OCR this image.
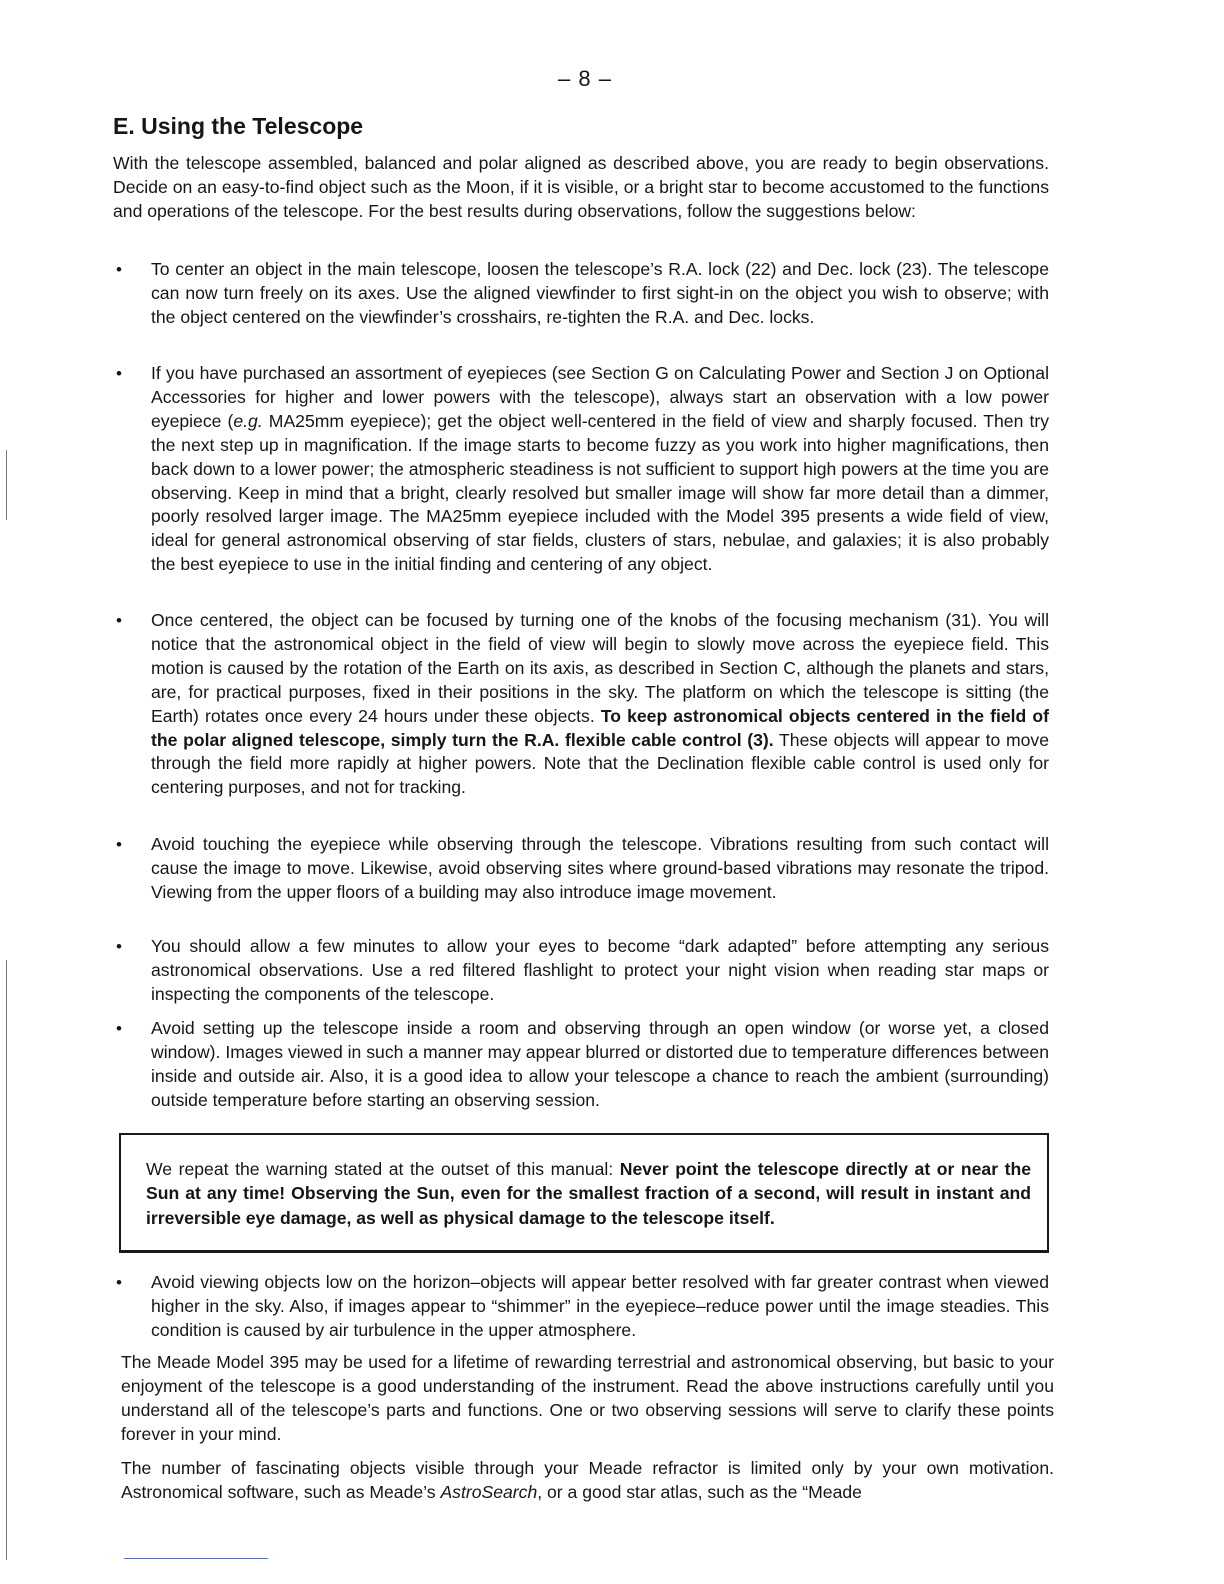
– 8 –
E. Using the Telescope

With the telescope assembled, balanced and polar aligned as described above, you are ready to begin observations. Decide on an easy-to-find object such as the Moon, if it is visible, or a bright star to become accustomed to the functions and operations of the telescope. For the best results during observations, follow the suggestions below:

•	To center an object in the main telescope, loosen the telescope’s R.A. lock (22) and Dec. lock (23). The telescope can now turn freely on its axes. Use the aligned viewfinder to first sight-in on the object you wish to observe; with the object centered on the viewfinder’s crosshairs, re-tighten the R.A. and Dec. locks.

•	If you have purchased an assortment of eyepieces (see Section G on Calculating Power and Section J on Optional Accessories for higher and lower powers with the telescope), always start an observation with a low power eyepiece (e.g. MA25mm eyepiece); get the object well-centered in the field of view and sharply focused. Then try the next step up in magnification. If the image starts to become fuzzy as you work into higher magnifications, then back down to a lower power; the atmospheric steadiness is not sufficient to support high powers at the time you are observing. Keep in mind that a bright, clearly resolved but smaller image will show far more detail than a dimmer, poorly resolved larger image. The MA25mm eyepiece included with the Model 395 presents a wide field of view, ideal for general astronomical observing of star fields, clusters of stars, nebulae, and galaxies; it is also probably the best eyepiece to use in the initial finding and centering of any object.

•	Once centered, the object can be focused by turning one of the knobs of the focusing mechanism (31). You will notice that the astronomical object in the field of view will begin to slowly move across the eyepiece field. This motion is caused by the rotation of the Earth on its axis, as described in Section C, although the planets and stars, are, for practical purposes, fixed in their positions in the sky. The platform on which the telescope is sitting (the Earth) rotates once every 24 hours under these objects. To keep astronomical objects centered in the field of the polar aligned telescope, simply turn the R.A. flexible cable control (3). These objects will appear to move through the field more rapidly at higher powers. Note that the Declination flexible cable control is used only for centering purposes, and not for tracking.

•	Avoid touching the eyepiece while observing through the telescope. Vibrations resulting from such contact will cause the image to move. Likewise, avoid observing sites where ground-based vibrations may resonate the tripod. Viewing from the upper floors of a building may also introduce image movement.

•	You should allow a few minutes to allow your eyes to become “dark adapted” before attempting any serious astronomical observations. Use a red filtered flashlight to protect your night vision when reading star maps or inspecting the components of the telescope.

•	Avoid setting up the telescope inside a room and observing through an open window (or worse yet, a closed window). Images viewed in such a manner may appear blurred or distorted due to temperature differences between inside and outside air. Also, it is a good idea to allow your telescope a chance to reach the ambient (surrounding) outside temperature before starting an observing session.

We repeat the warning stated at the outset of this manual: Never point the telescope directly at or near the Sun at any time! Observing the Sun, even for the smallest fraction of a second, will result in instant and irreversible eye damage, as well as physical damage to the telescope itself.

•	Avoid viewing objects low on the horizon–objects will appear better resolved with far greater contrast when viewed higher in the sky. Also, if images appear to “shimmer” in the eyepiece–reduce power until the image steadies. This condition is caused by air turbulence in the upper atmosphere.

The Meade Model 395 may be used for a lifetime of rewarding terrestrial and astronomical observing, but basic to your enjoyment of the telescope is a good understanding of the instrument. Read the above instructions carefully until you understand all of the telescope’s parts and functions. One or two observing sessions will serve to clarify these points forever in your mind.

The number of fascinating objects visible through your Meade refractor is limited only by your own motivation. Astronomical software, such as Meade’s AstroSearch, or a good star atlas, such as the “Meade
